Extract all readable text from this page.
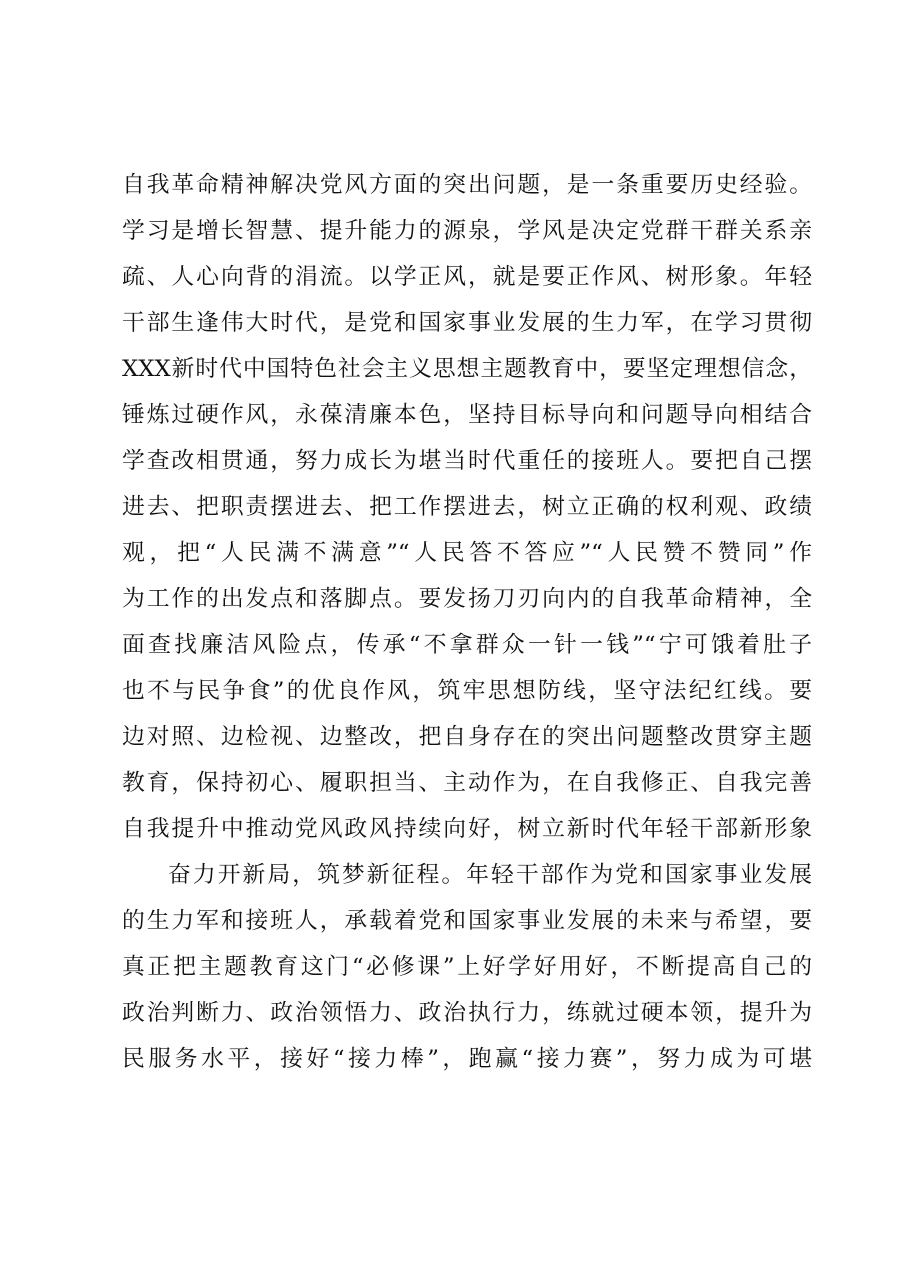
自我革命精神解决党风方面的突出问题，是一条重要历史经验。
学习是增长智慧、提升能力的源泉，学风是决定党群干群关系亲
疏、人心向背的涓流。以学正风，就是要正作风、树形象。年轻
干部生逢伟大时代，是党和国家事业发展的生力军，在学习贯彻
XXX新时代中国特色社会主义思想主题教育中，要坚定理想信念，
锤炼过硬作风，永葆清廉本色，坚持目标导向和问题导向相结合
学查改相贯通，努力成长为堪当时代重任的接班人。要把自己摆
进去、把职责摆进去、把工作摆进去，树立正确的权利观、政绩
观，把“人民满不满意”“人民答不答应”“人民赞不赞同”作
为工作的出发点和落脚点。要发扬刀刃向内的自我革命精神，全
面查找廉洁风险点，传承“不拿群众一针一钱”“宁可饿着肚子
也不与民争食”的优良作风，筑牢思想防线，坚守法纪红线。要
边对照、边检视、边整改，把自身存在的突出问题整改贯穿主题
教育，保持初心、履职担当、主动作为，在自我修正、自我完善
自我提升中推动党风政风持续向好，树立新时代年轻干部新形象
奋力开新局，筑梦新征程。年轻干部作为党和国家事业发展
的生力军和接班人，承载着党和国家事业发展的未来与希望，要
真正把主题教育这门“必修课”上好学好用好，不断提高自己的
政治判断力、政治领悟力、政治执行力，练就过硬本领，提升为
民服务水平，接好“接力棒”，跑赢“接力赛”，努力成为可堪
